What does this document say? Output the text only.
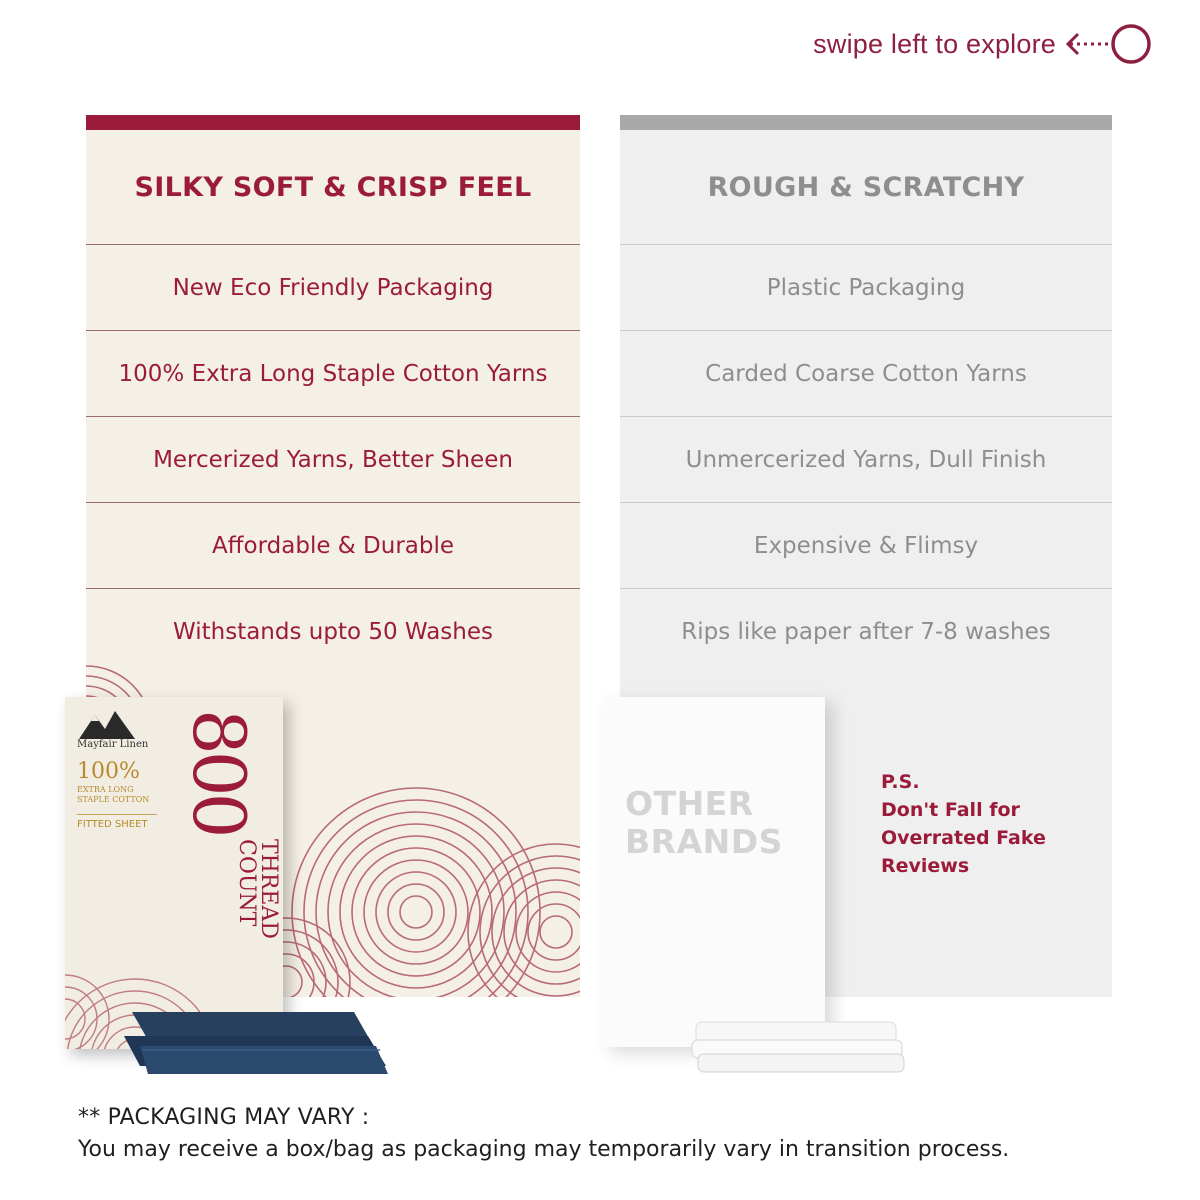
swipe left to explore
SILKY SOFT & CRISP FEEL
New Eco Friendly Packaging
100% Extra Long Staple Cotton Yarns
Mercerized Yarns, Better Sheen
Affordable & Durable
Withstands upto 50 Washes
ROUGH & SCRATCHY
Plastic Packaging
Carded Coarse Cotton Yarns
Unmercerized Yarns, Dull Finish
Expensive & Flimsy
Rips like paper after 7-8 washes
Mayfair Linen
100%
EXTRA LONG
STAPLE COTTON
FITTED SHEET 800
THREAD
COUNT
OTHER
BRANDS
P.S.
Don't Fall for
Overrated Fake
Reviews
** PACKAGING MAY VARY :
You may receive a box/bag as packaging may temporarily vary in transition process.
